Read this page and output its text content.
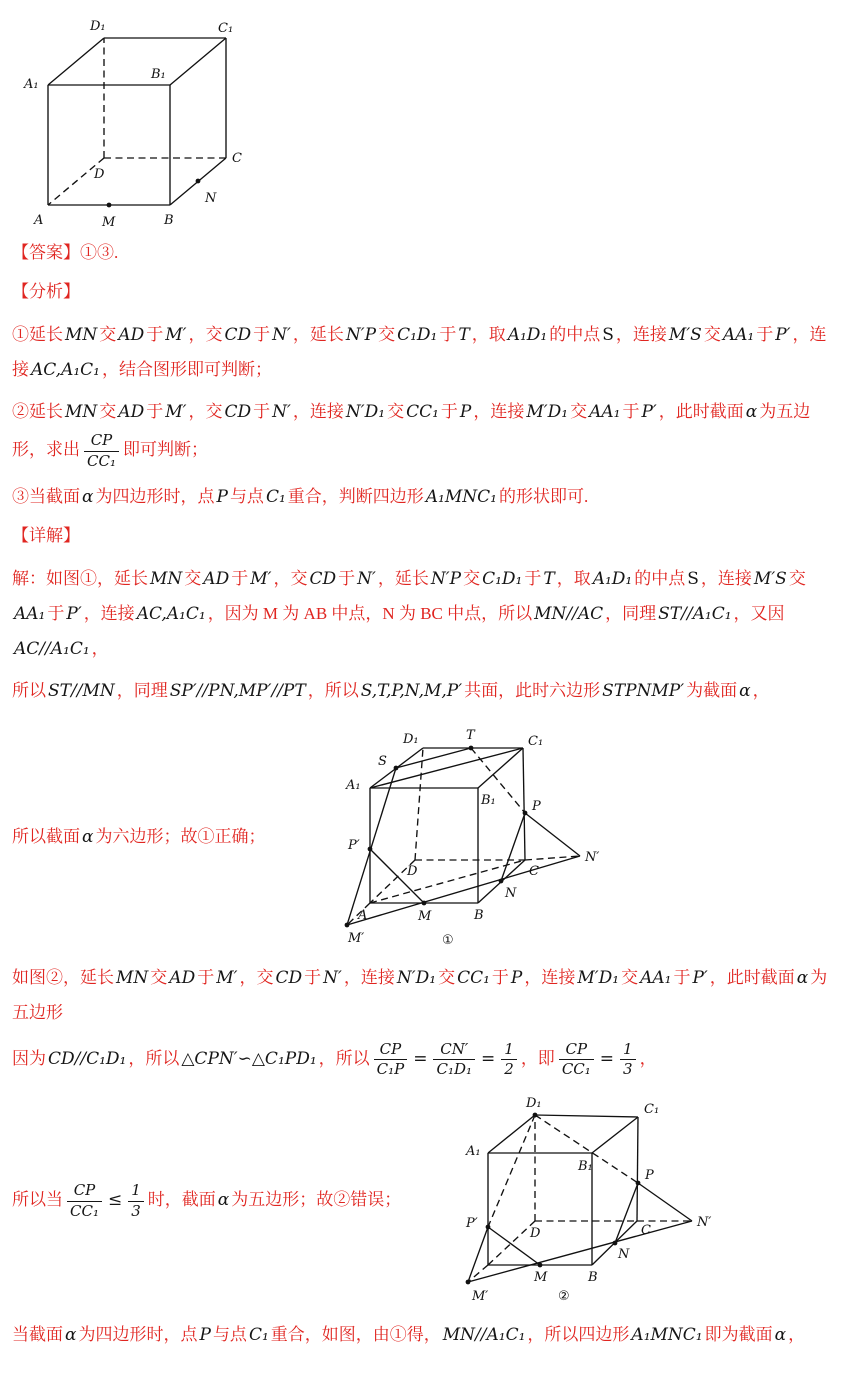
D₁	C₁
B₁
A₁
D
C
N
A	M	B

【答案】①③.

【分析】

①延长 MN 交 AD 于 M′ ，交 CD 于 N′ ，延长 N′P 交 C₁D₁ 于 T ，取 A₁D₁ 的中点 S ，连接 M′S 交 AA₁ 于 P′ ，连接 AC,A₁C₁ ，结合图形即可判断；

②延长 MN 交 AD 于 M′ ，交 CD 于 N′ ，连接 N′D₁ 交 CC₁ 于 P ，连接 M′D₁ 交 AA₁ 于 P′ ，此时截面 α 为五边形，求出 $\frac{CP}{\text{CC₁}}$ 即可判断；

③当截面 α 为四边形时，点 P 与点 C₁ 重合，判断四边形 A₁MNC₁ 的形状即可.

【详解】

解：如图①，延长 MN 交 AD 于 M′ ，交 CD 于 N′ ，延长 N′P 交 C₁D₁ 于 T ，取 A₁D₁ 的中点 S ，连接 M′S 交AA₁ 于 P′ ，连接 AC,A₁C₁ ，因为 M 为 AB 中点，N 为 BC 中点，所以 MN//AC ，同理 ST//A₁C₁ ，又因AC//A₁C₁ ，

所以 ST//MN ，同理 SP′//PN,MP′//PT ，所以 S,T,P,N,M,P′ 共面，此时六边形 STPNMP′ 为截面 α ，

所以截面 α 为六边形；故①正确；

D₁	T	C₁
S
A₁
B₁	P
P′
N′
D	C
N
A	M	B
M′	①

如图②，延长 MN 交 AD 于 M′ ，交 CD 于 N′ ，连接 N′D₁ 交 CC₁ 于 P ，连接 M′D₁ 交 AA₁ 于 P′ ，此时截面 α 为五边形

因为 CD//C₁D₁ ，所以 △CPN′∽△C₁PD₁ ，所以 $\frac{CP}{\text{C₁P}} = \frac{CN'}{\text{C₁D₁}} = \frac{1}{2}$ ，即 $\frac{CP}{\text{CC₁}} = \frac{1}{3}$ ，

所以当 $\frac{CP}{\text{CC₁}} \le \frac{1}{3}$ 时，截面 α 为五边形；故②错误；

D₁	C₁
A₁
B₁
P
P′
D	C
N′
N
M	B
M′	②

当截面 α 为四边形时，点 P 与点 C₁ 重合，如图，由①得， MN//A₁C₁ ，所以四边形 A₁MNC₁ 即为截面 α ，
